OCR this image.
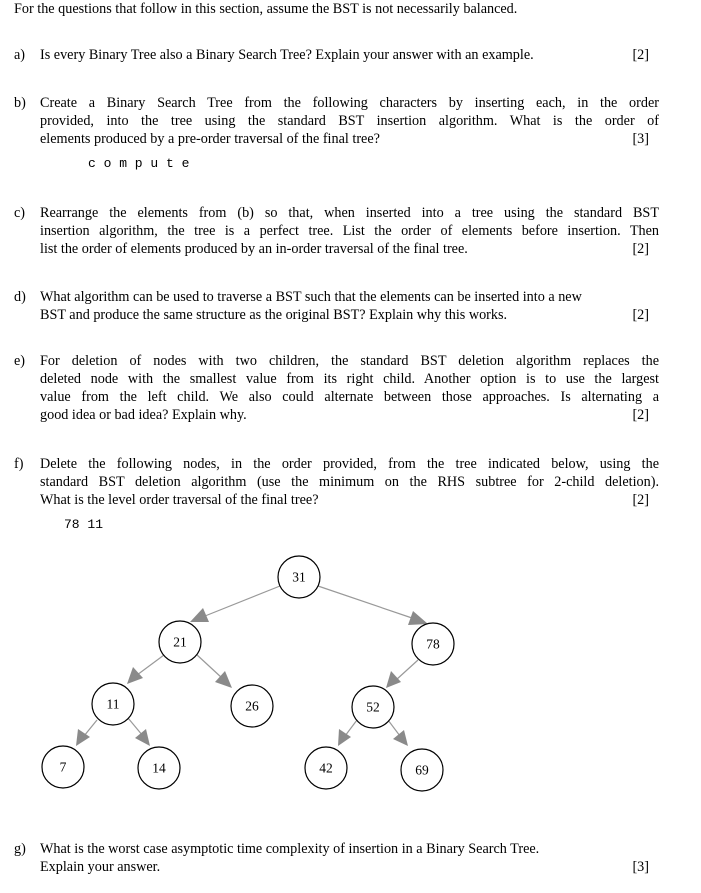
For the questions that follow in this section, assume the BST is not necessarily balanced.
a) Is every Binary Tree also a Binary Search Tree? Explain your answer with an example.	[2]
b) Create a Binary Search Tree from the following characters by inserting each, in the order
provided, into the tree using the standard BST insertion algorithm. What is the order of
elements produced by a pre-order traversal of the final tree?	[3]
c o m p u t e
c) Rearrange the elements from (b) so that, when inserted into a tree using the standard BST
insertion algorithm, the tree is a perfect tree. List the order of elements before insertion. Then
list the order of elements produced by an in-order traversal of the final tree.	[2]
d) What algorithm can be used to traverse a BST such that the elements can be inserted into a new
BST and produce the same structure as the original BST? Explain why this works.	[2]
e) For deletion of nodes with two children, the standard BST deletion algorithm replaces the
deleted node with the smallest value from its right child. Another option is to use the largest
value from the left child. We also could alternate between those approaches. Is alternating a
good idea or bad idea? Explain why.	[2]
f) Delete the following nodes, in the order provided, from the tree indicated below, using the
standard BST deletion algorithm (use the minimum on the RHS subtree for 2-child deletion).
What is the level order traversal of the final tree?	[2]
78 11
31
21	78
11	26	52
7	14	42	69
g) What is the worst case asymptotic time complexity of insertion in a Binary Search Tree.
Explain your answer.	[3]
